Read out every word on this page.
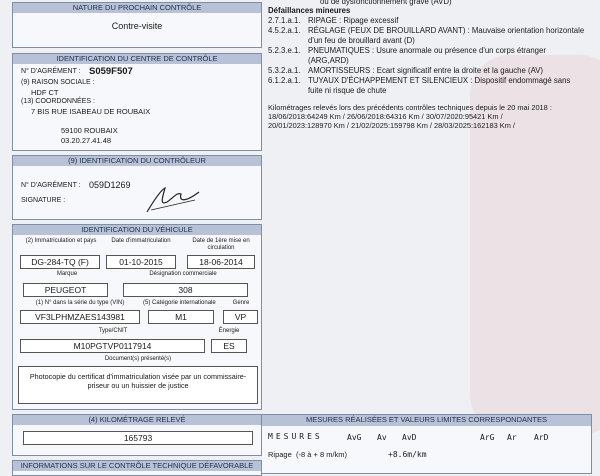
NATURE DU PROCHAIN CONTRÔLE
Contre-visite
IDENTIFICATION DU CENTRE DE CONTRÔLE
N° D'AGRÉMENT : S059F507
(9) RAISON SOCIALE :
HDF CT
(13) COORDONNÉES :
7 BIS RUE ISABEAU DE ROUBAIX
59100 ROUBAIX
03.20.27.41.48
(9) IDENTIFICATION DU CONTRÔLEUR
N° D'AGRÉMENT : 059D1269
SIGNATURE :
IDENTIFICATION DU VÉHICULE
(2) Immatriculation et pays	Date d'immatriculation	Date de 1ère mise en
circulation
DG-284-TQ (F)	01-10-2015	18-06-2014
Marque	Désignation commerciale
PEUGEOT	308
(1) N° dans la série du type (VIN)	(5) Catégorie internationale	Genre
VF3LPHMZAES143981	M1	VP
Type/CNIT	Énergie
M10PGTVP0117914	ES
Document(s) présenté(s)
Photocopie du certificat d'immatriculation visée par un commissaire-priseur ou un huissier de justice
(4) KILOMÉTRAGE RELEVÉ
165793
INFORMATIONS SUR LE CONTRÔLE TECHNIQUE DÉFAVORABLE
ou de dysfonctionnement grave (AVD)
Défaillances mineures
2.7.1.a.1. RIPAGE : Ripage excessif
4.5.2.a.1. RÉGLAGE (FEUX DE BROUILLARD AVANT) : Mauvaise orientation horizontale
d'un feu de brouillard avant (D)
5.2.3.e.1. PNEUMATIQUES : Usure anormale ou présence d'un corps étranger
(ARG,ARD)
5.3.2.a.1. AMORTISSEURS : Ecart significatif entre la droite et la gauche (AV)
6.1.2.a.1. TUYAUX D'ÉCHAPPEMENT ET SILENCIEUX : Dispositif endommagé sans
fuite ni risque de chute
Kilométrages relevés lors des précédents contrôles techniques depuis le 20 mai 2018 :
18/06/2018:64249 Km / 26/06/2018:64316 Km / 30/07/2020:95421 Km /
20/01/2023:128970 Km / 21/02/2025:159798 Km / 28/03/2025:162183 Km /
MESURES RÉALISÉES ET VALEURS LIMITES CORRESPONDANTES
MESURES	AvG Av AvD	ArG Ar ArD
Ripage (-8 à + 8 m/km)	+8.6m/km
